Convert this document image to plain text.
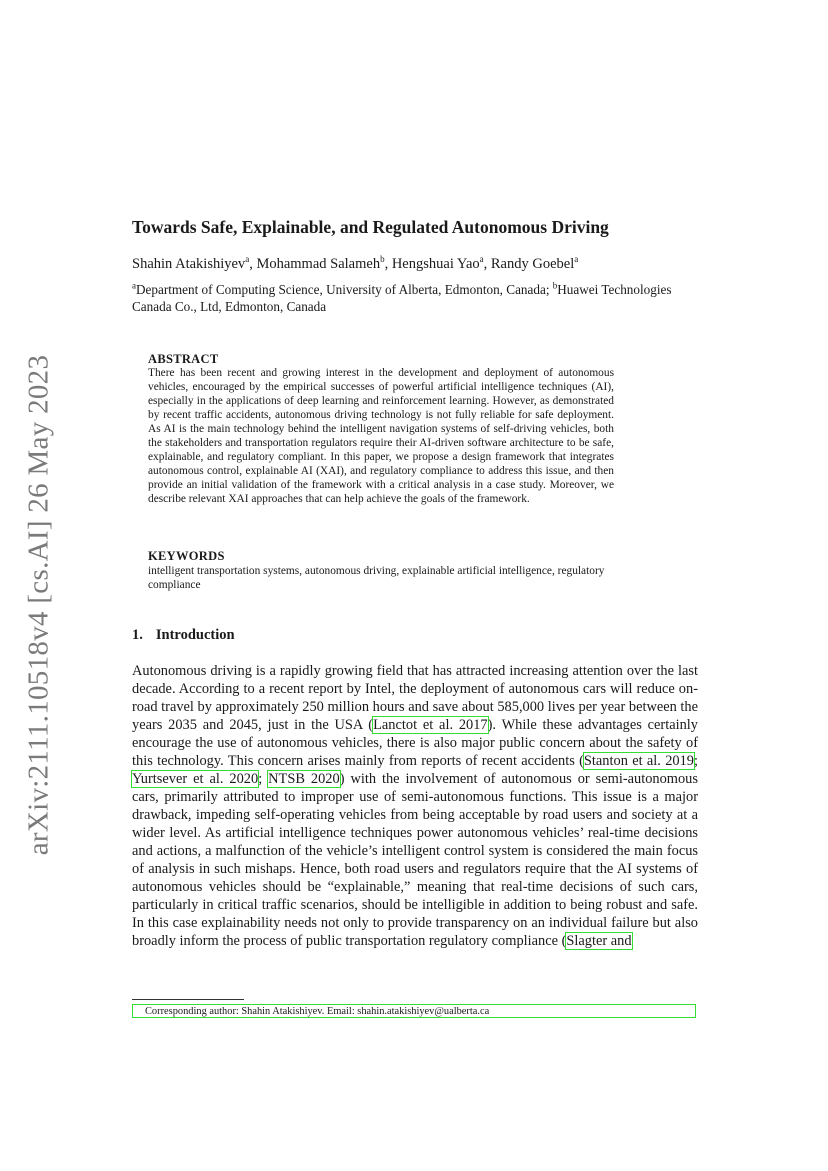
arXiv:2111.10518v4 [cs.AI] 26 May 2023
Towards Safe, Explainable, and Regulated Autonomous Driving
Shahin Atakishiyev$^a$, Mohammad Salameh$^b$, Hengshuai Yao$^a$, Randy Goebel$^a$
$^a$Department of Computing Science, University of Alberta, Edmonton, Canada; $^b$Huawei Technologies Canada Co., Ltd, Edmonton, Canada
ABSTRACT
There has been recent and growing interest in the development and deployment of autonomous vehicles, encouraged by the empirical successes of powerful artificial intelligence techniques (AI), especially in the applications of deep learning and reinforcement learning. However, as demonstrated by recent traffic accidents, autonomous driving technology is not fully reliable for safe deployment. As AI is the main technology behind the intelligent navigation systems of self-driving vehicles, both the stakeholders and transportation regulators require their AI-driven software architecture to be safe, explainable, and regulatory compliant. In this paper, we propose a design framework that integrates autonomous control, explainable AI (XAI), and regulatory compliance to address this issue, and then provide an initial validation of the framework with a critical analysis in a case study. Moreover, we describe relevant XAI approaches that can help achieve the goals of the framework.
KEYWORDS
intelligent transportation systems, autonomous driving, explainable artificial intelligence, regulatory compliance
1. Introduction
Autonomous driving is a rapidly growing field that has attracted increasing attention over the last decade. According to a recent report by Intel, the deployment of autonomous cars will reduce on-road travel by approximately 250 million hours and save about 585,000 lives per year between the years 2035 and 2045, just in the USA (Lanctot et al. 2017). While these advantages certainly encourage the use of autonomous vehicles, there is also major public concern about the safety of this technology. This concern arises mainly from reports of recent accidents (Stanton et al. 2019; Yurtsever et al. 2020; NTSB 2020) with the involvement of autonomous or semi-autonomous cars, primarily attributed to improper use of semi-autonomous functions. This issue is a major drawback, impeding self-operating vehicles from being acceptable by road users and society at a wider level. As artificial intelligence techniques power autonomous vehicles’ real-time decisions and actions, a malfunction of the vehicle’s intelligent control system is considered the main focus of analysis in such mishaps. Hence, both road users and regulators require that the AI systems of autonomous vehicles should be “explainable,” meaning that real-time decisions of such cars, particularly in critical traffic scenarios, should be intelligible in addition to being robust and safe. In this case explainability needs not only to provide transparency on an individual failure but also broadly inform the process of public transportation regulatory compliance (Slagter and
Corresponding author: Shahin Atakishiyev. Email: shahin.atakishiyev@ualberta.ca
